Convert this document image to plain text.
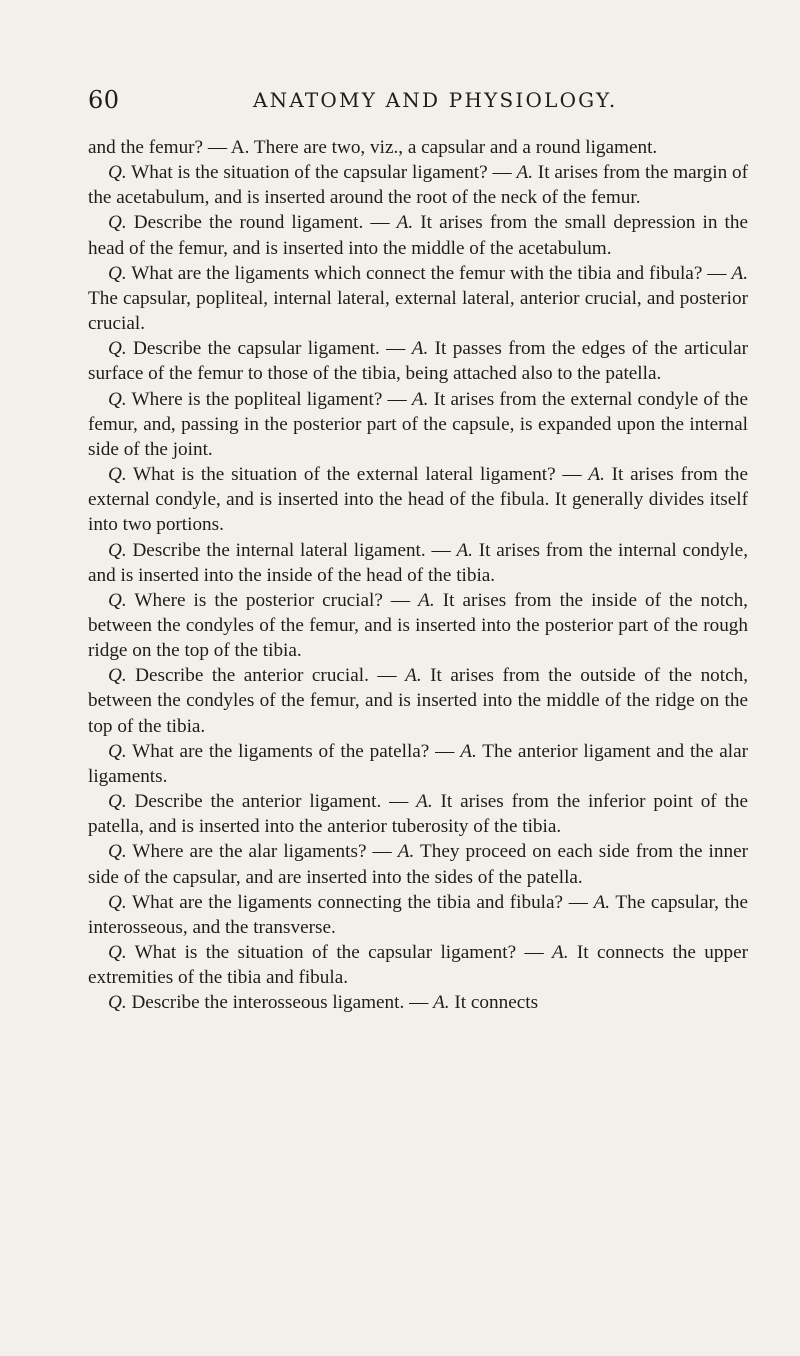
60	ANATOMY AND PHYSIOLOGY.

and the femur? — A. There are two, viz., a capsular and a round ligament.

Q. What is the situation of the capsular ligament? — A. It arises from the margin of the acetabulum, and is inserted around the root of the neck of the femur.

Q. Describe the round ligament. — A. It arises from the small depression in the head of the femur, and is inserted into the middle of the acetabulum.

Q. What are the ligaments which connect the femur with the tibia and fibula? — A. The capsular, popliteal, internal lateral, external lateral, anterior crucial, and posterior crucial.

Q. Describe the capsular ligament. — A. It passes from the edges of the articular surface of the femur to those of the tibia, being attached also to the patella.

Q. Where is the popliteal ligament? — A. It arises from the external condyle of the femur, and, passing in the posterior part of the capsule, is expanded upon the internal side of the joint.

Q. What is the situation of the external lateral ligament? — A. It arises from the external condyle, and is inserted into the head of the fibula. It generally divides itself into two portions.

Q. Describe the internal lateral ligament. — A. It arises from the internal condyle, and is inserted into the inside of the head of the tibia.

Q. Where is the posterior crucial? — A. It arises from the inside of the notch, between the condyles of the femur, and is inserted into the posterior part of the rough ridge on the top of the tibia.

Q. Describe the anterior crucial. — A. It arises from the outside of the notch, between the condyles of the femur, and is inserted into the middle of the ridge on the top of the tibia.

Q. What are the ligaments of the patella? — A. The anterior ligament and the alar ligaments.

Q. Describe the anterior ligament. — A. It arises from the inferior point of the patella, and is inserted into the anterior tuberosity of the tibia.

Q. Where are the alar ligaments? — A. They proceed on each side from the inner side of the capsular, and are inserted into the sides of the patella.

Q. What are the ligaments connecting the tibia and fibula? — A. The capsular, the interosseous, and the transverse.

Q. What is the situation of the capsular ligament? — A. It connects the upper extremities of the tibia and fibula.

Q. Describe the interosseous ligament. — A. It connects
